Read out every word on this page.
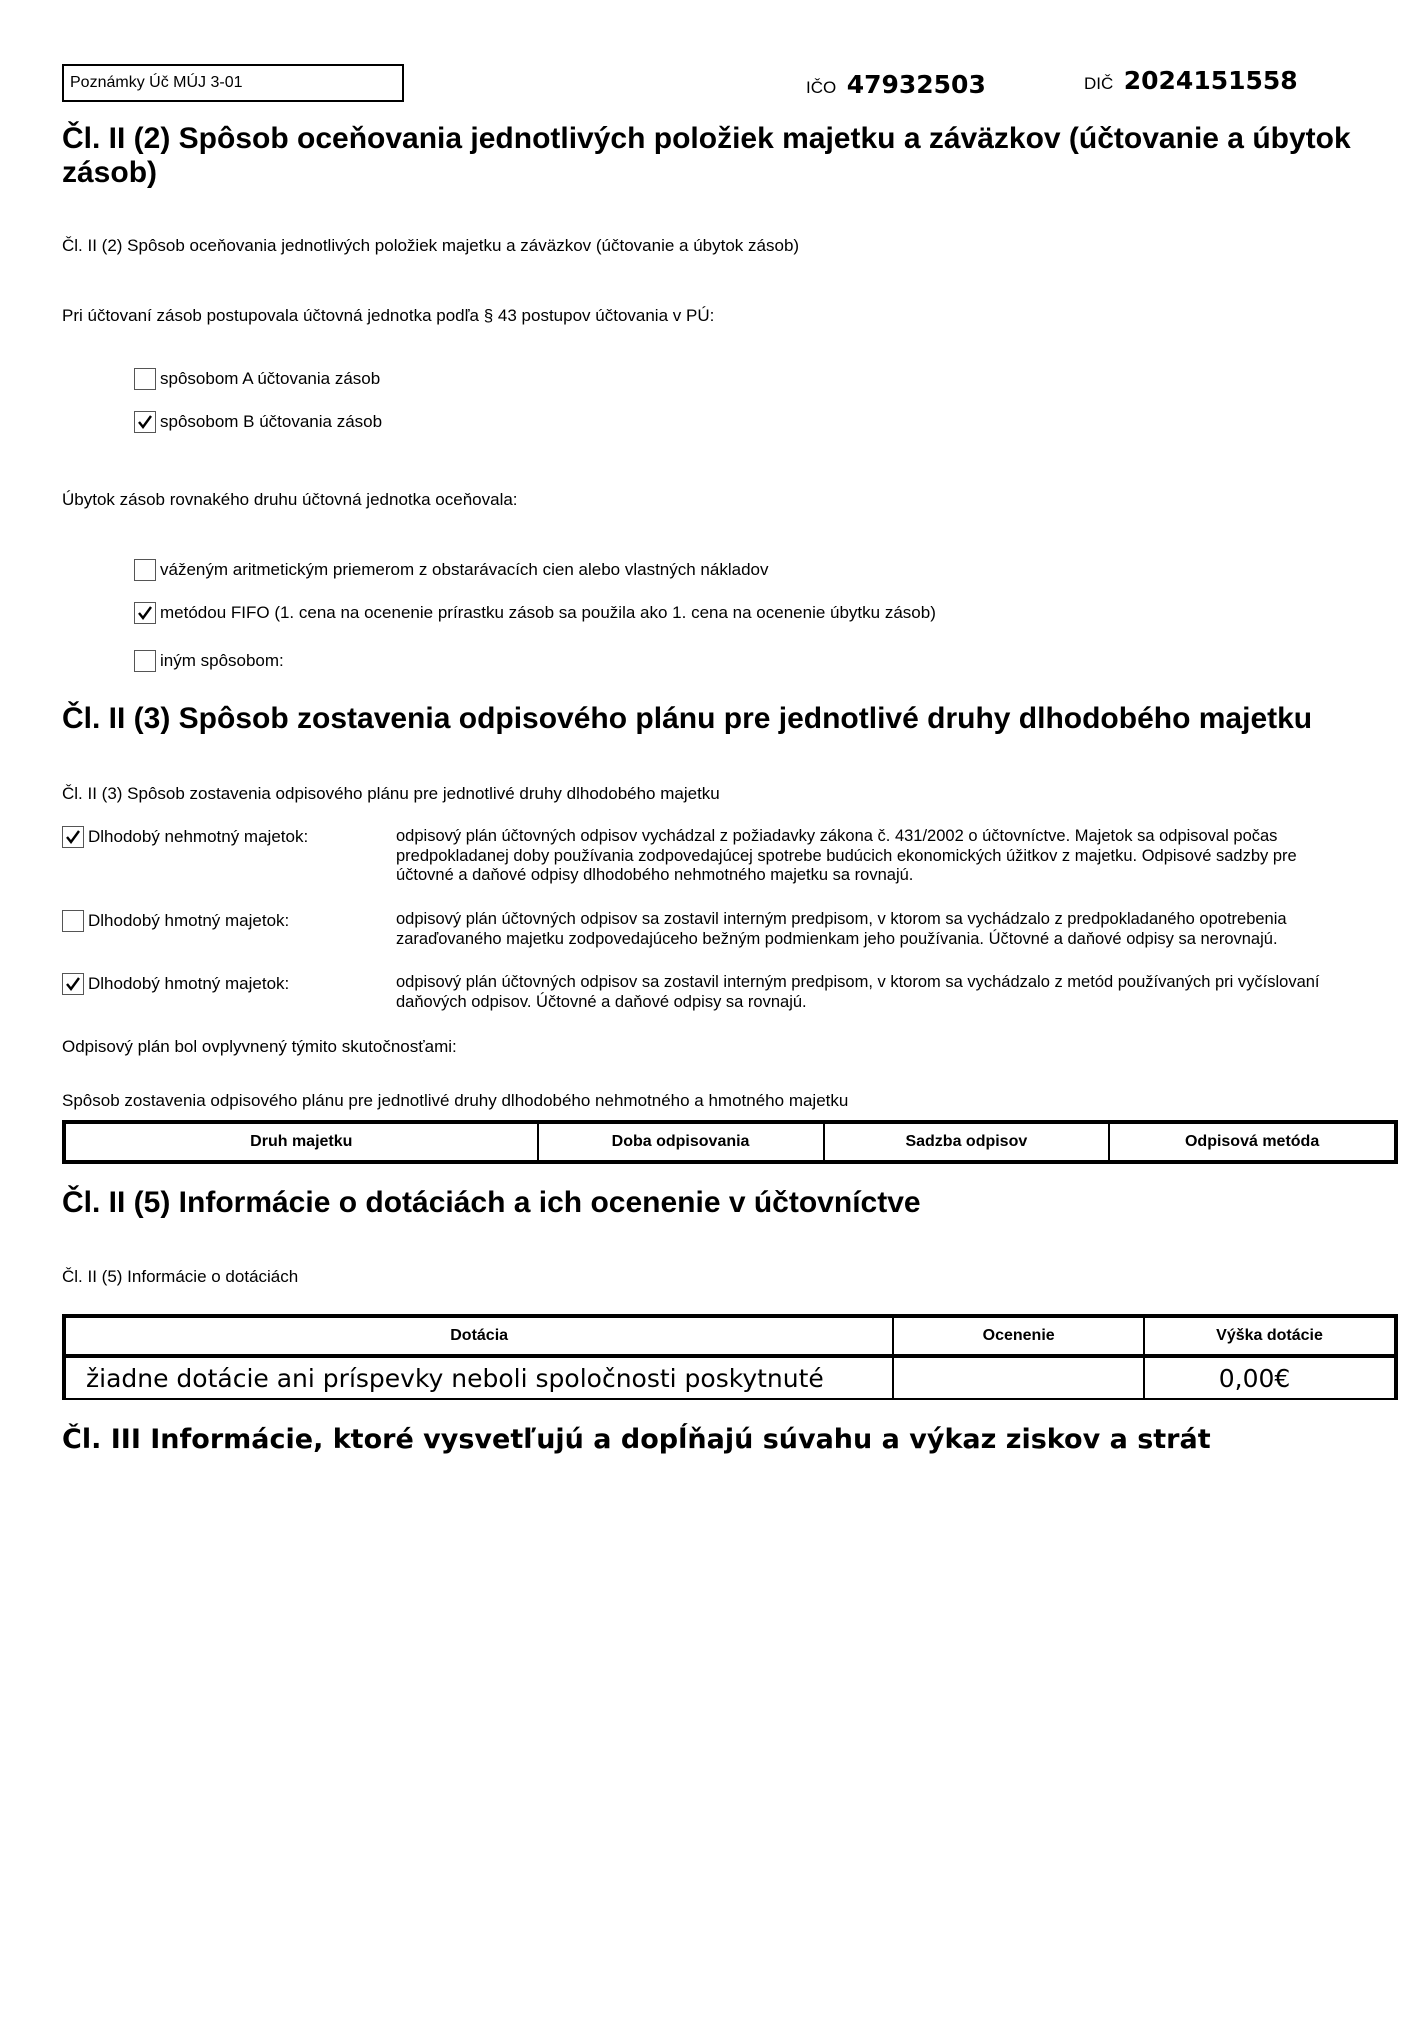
Poznámky Úč MÚJ 3-01	IČO 47932503	DIČ 2024151558
Čl. II (2) Spôsob oceňovania jednotlivých položiek majetku a záväzkov (účtovanie a úbytok zásob)
Čl. II (2) Spôsob oceňovania jednotlivých položiek majetku a záväzkov (účtovanie a úbytok zásob)
Pri účtovaní zásob postupovala účtovná jednotka podľa § 43 postupov účtovania v PÚ:
spôsobom A účtovania zásob
spôsobom B účtovania zásob
Úbytok zásob rovnakého druhu účtovná jednotka oceňovala:
váženým aritmetickým priemerom z obstarávacích cien alebo vlastných nákladov
metódou FIFO (1. cena na ocenenie prírastku zásob sa použila ako 1. cena na ocenenie úbytku zásob)
iným spôsobom:
Čl. II (3) Spôsob zostavenia odpisového plánu pre jednotlivé druhy dlhodobého majetku
Čl. II (3) Spôsob zostavenia odpisového plánu pre jednotlivé druhy dlhodobého majetku
Dlhodobý nehmotný majetok:	odpisový plán účtovných odpisov vychádzal z požiadavky zákona č. 431/2002 o účtovníctve. Majetok sa odpisoval počas predpokladanej doby používania zodpovedajúcej spotrebe budúcich ekonomických úžitkov z majetku. Odpisové sadzby pre účtovné a daňové odpisy dlhodobého nehmotného majetku sa rovnajú.
Dlhodobý hmotný majetok:	odpisový plán účtovných odpisov sa zostavil interným predpisom, v ktorom sa vychádzalo z predpokladaného opotrebenia zaraďovaného majetku zodpovedajúceho bežným podmienkam jeho používania. Účtovné a daňové odpisy sa nerovnajú.
Dlhodobý hmotný majetok:	odpisový plán účtovných odpisov sa zostavil interným predpisom, v ktorom sa vychádzalo z metód používaných pri vyčíslovaní daňových odpisov. Účtovné a daňové odpisy sa rovnajú.
Odpisový plán bol ovplyvnený týmito skutočnosťami:
Spôsob zostavenia odpisového plánu pre jednotlivé druhy dlhodobého nehmotného a hmotného majetku
Druh majetku	Doba odpisovania	Sadzba odpisov	Odpisová metóda
Čl. II (5) Informácie o dotáciách a ich ocenenie v účtovníctve
Čl. II (5) Informácie o dotáciách
Dotácia	Ocenenie	Výška dotácie
žiadne dotácie ani príspevky neboli spoločnosti poskytnuté		0,00€
Čl. III Informácie, ktoré vysvetľujú a dopĺňajú súvahu a výkaz ziskov a strát
